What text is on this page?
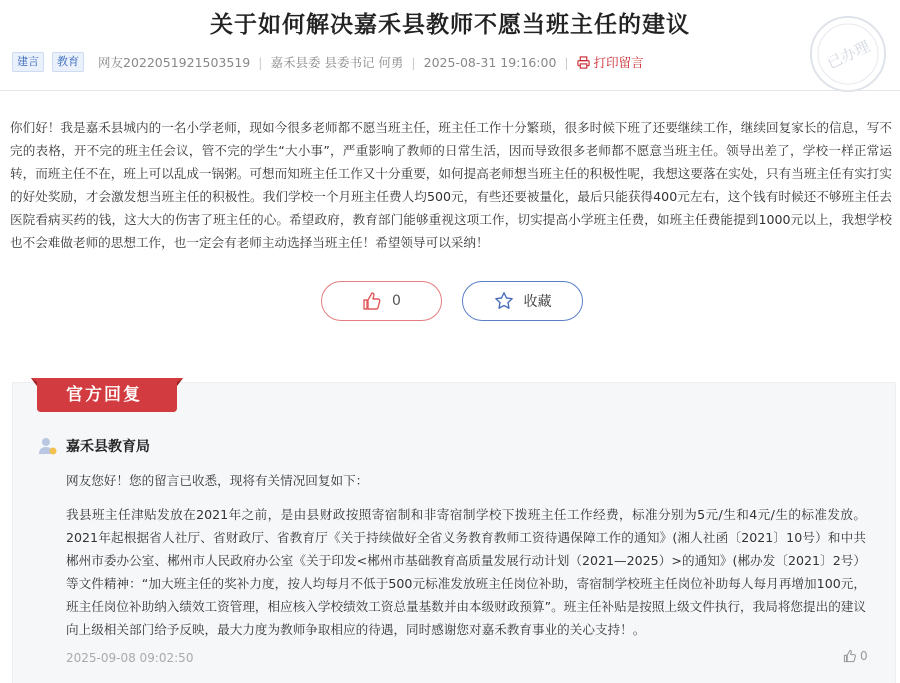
关于如何解决嘉禾县教师不愿当班主任的建议
建言	教育	网友2022051921503519 | 嘉禾县委 县委书记 何勇 | 2025-08-31 19:16:00 | 打印留言	已办理
你们好！我是嘉禾县城内的一名小学老师，现如今很多老师都不愿当班主任，班主任工作十分繁琐，很多时候下班了还要继续工作，继续回复家长的信息，写不完的表格，开不完的班主任会议，管不完的学生“大小事”，严重影响了教师的日常生活，因而导致很多老师都不愿意当班主任。领导出差了，学校一样正常运转，而班主任不在，班上可以乱成一锅粥。可想而知班主任工作又十分重要，如何提高老师想当班主任的积极性呢，我想这要落在实处，只有当班主任有实打实的好处奖励，才会激发想当班主任的积极性。我们学校一个月班主任费人均500元，有些还要被量化，最后只能获得400元左右，这个钱有时候还不够班主任去医院看病买药的钱，这大大的伤害了班主任的心。希望政府，教育部门能够重视这项工作，切实提高小学班主任费，如班主任费能提到1000元以上，我想学校也不会难做老师的思想工作，也一定会有老师主动选择当班主任！希望领导可以采纳！
0	收藏
官方回复
嘉禾县教育局
网友您好！您的留言已收悉，现将有关情况回复如下：
我县班主任津贴发放在2021年之前，是由县财政按照寄宿制和非寄宿制学校下拨班主任工作经费，标准分别为5元/生和4元/生的标准发放。2021年起根据省人社厅、省财政厅、省教育厅《关于持续做好全省义务教育教师工资待遇保障工作的通知》(湘人社函〔2021〕10号）和中共郴州市委办公室、郴州市人民政府办公室《关于印发<郴州市基础教育高质量发展行动计划（2021—2025）>的通知》(郴办发〔2021〕2号）等文件精神：“加大班主任的奖补力度，按人均每月不低于500元标准发放班主任岗位补助，寄宿制学校班主任岗位补助每人每月再增加100元，班主任岗位补助纳入绩效工资管理，相应核入学校绩效工资总量基数并由本级财政预算”。班主任补贴是按照上级文件执行，我局将您提出的建议向上级相关部门给予反映，最大力度为教师争取相应的待遇，同时感谢您对嘉禾教育事业的关心支持！。
2025-09-08 09:02:50	0
